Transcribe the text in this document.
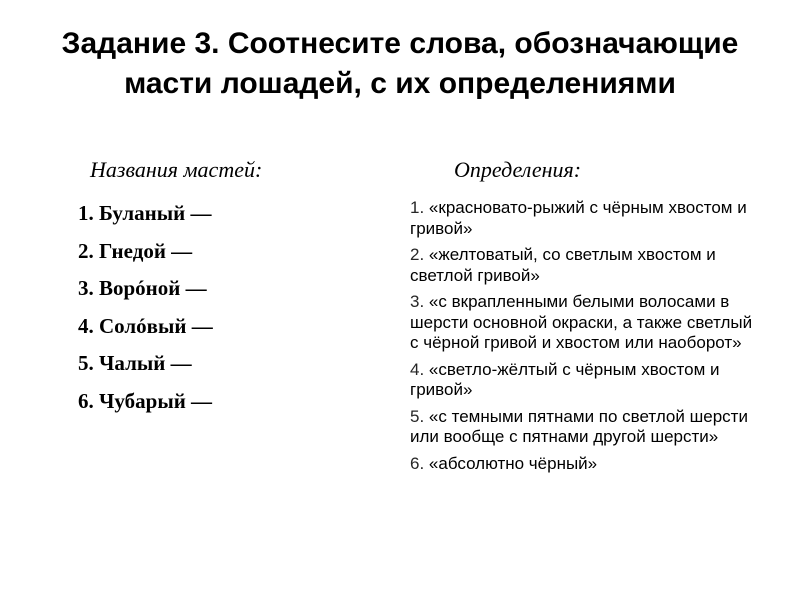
Задание 3. Соотнесите слова, обозначающие масти лошадей, с их определениями
Названия мастей:	Определения:
1. Буланый —
2. Гнедой —
3. Ворóной —
4. Солóвый —
5. Чалый —
6. Чубарый —
1. «красновато-рыжий с чёрным хвостом и гривой»
2. «желтоватый, со светлым хвостом и светлой гривой»
3. «с вкрапленными белыми волосами в шерсти основной окраски, а также светлый с чёрной гривой и хвостом или наоборот»
4. «светло-жёлтый с чёрным хвостом и гривой»
5. «с темными пятнами по светлой шерсти или вообще с пятнами другой шерсти»
6. «абсолютно чёрный»
